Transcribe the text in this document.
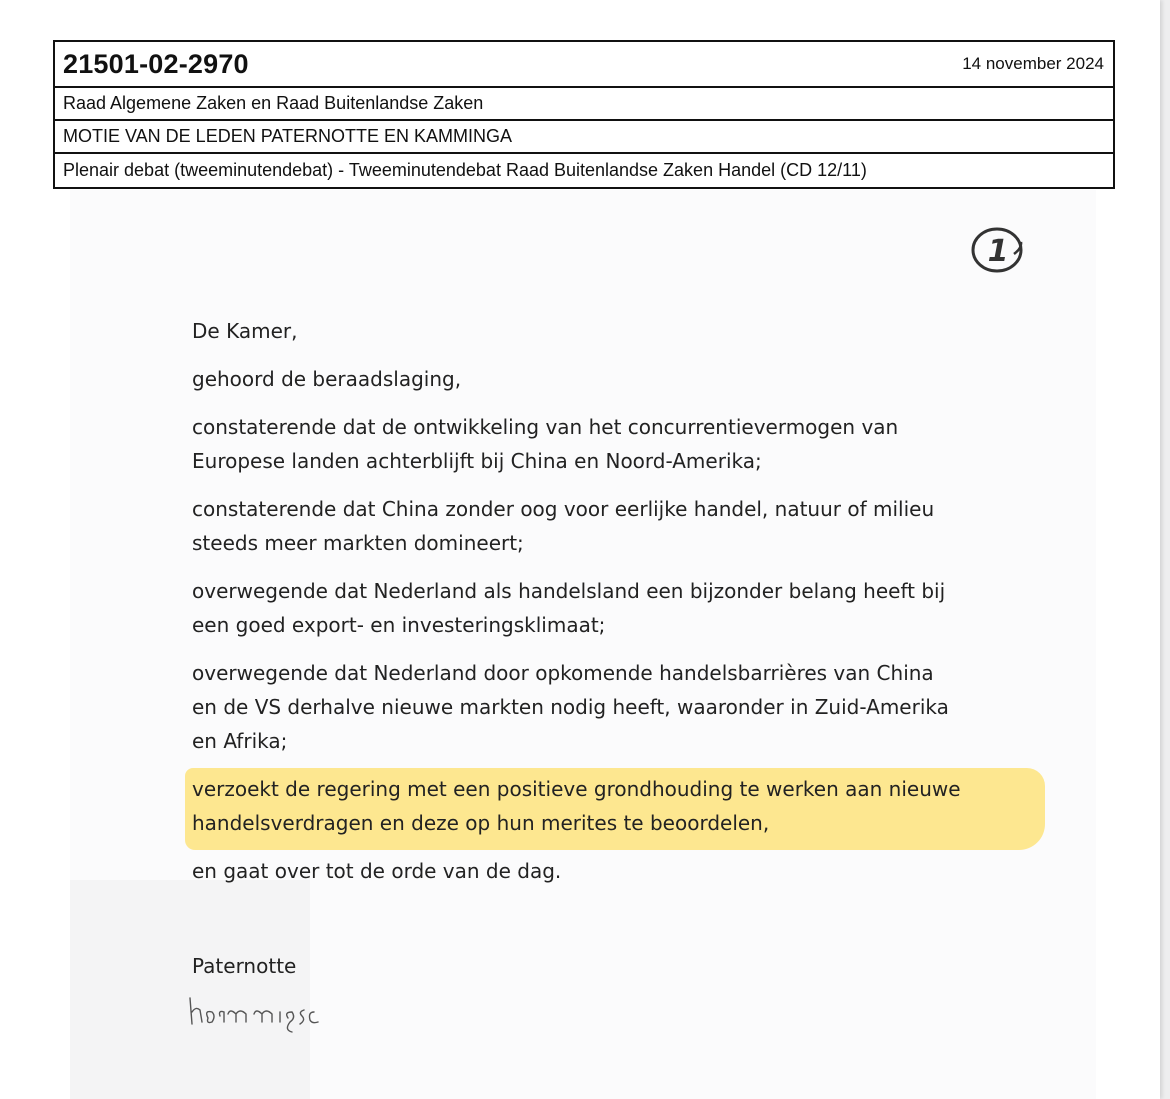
21501-02-2970	14 november 2024
Raad Algemene Zaken en Raad Buitenlandse Zaken
MOTIE VAN DE LEDEN PATERNOTTE EN KAMMINGA
Plenair debat (tweeminutendebat) - Tweeminutendebat Raad Buitenlandse Zaken Handel (CD 12/11)
1

De Kamer,

gehoord de beraadslaging,

constaterende dat de ontwikkeling van het concurrentievermogen van
Europese landen achterblijft bij China en Noord-Amerika;

constaterende dat China zonder oog voor eerlijke handel, natuur of milieu
steeds meer markten domineert;

overwegende dat Nederland als handelsland een bijzonder belang heeft bij
een goed export- en investeringsklimaat;

overwegende dat Nederland door opkomende handelsbarrières van China
en de VS derhalve nieuwe markten nodig heeft, waaronder in Zuid-Amerika
en Afrika;

verzoekt de regering met een positieve grondhouding te werken aan nieuwe
handelsverdragen en deze op hun merites te beoordelen,

en gaat over tot de orde van de dag.

Paternotte
